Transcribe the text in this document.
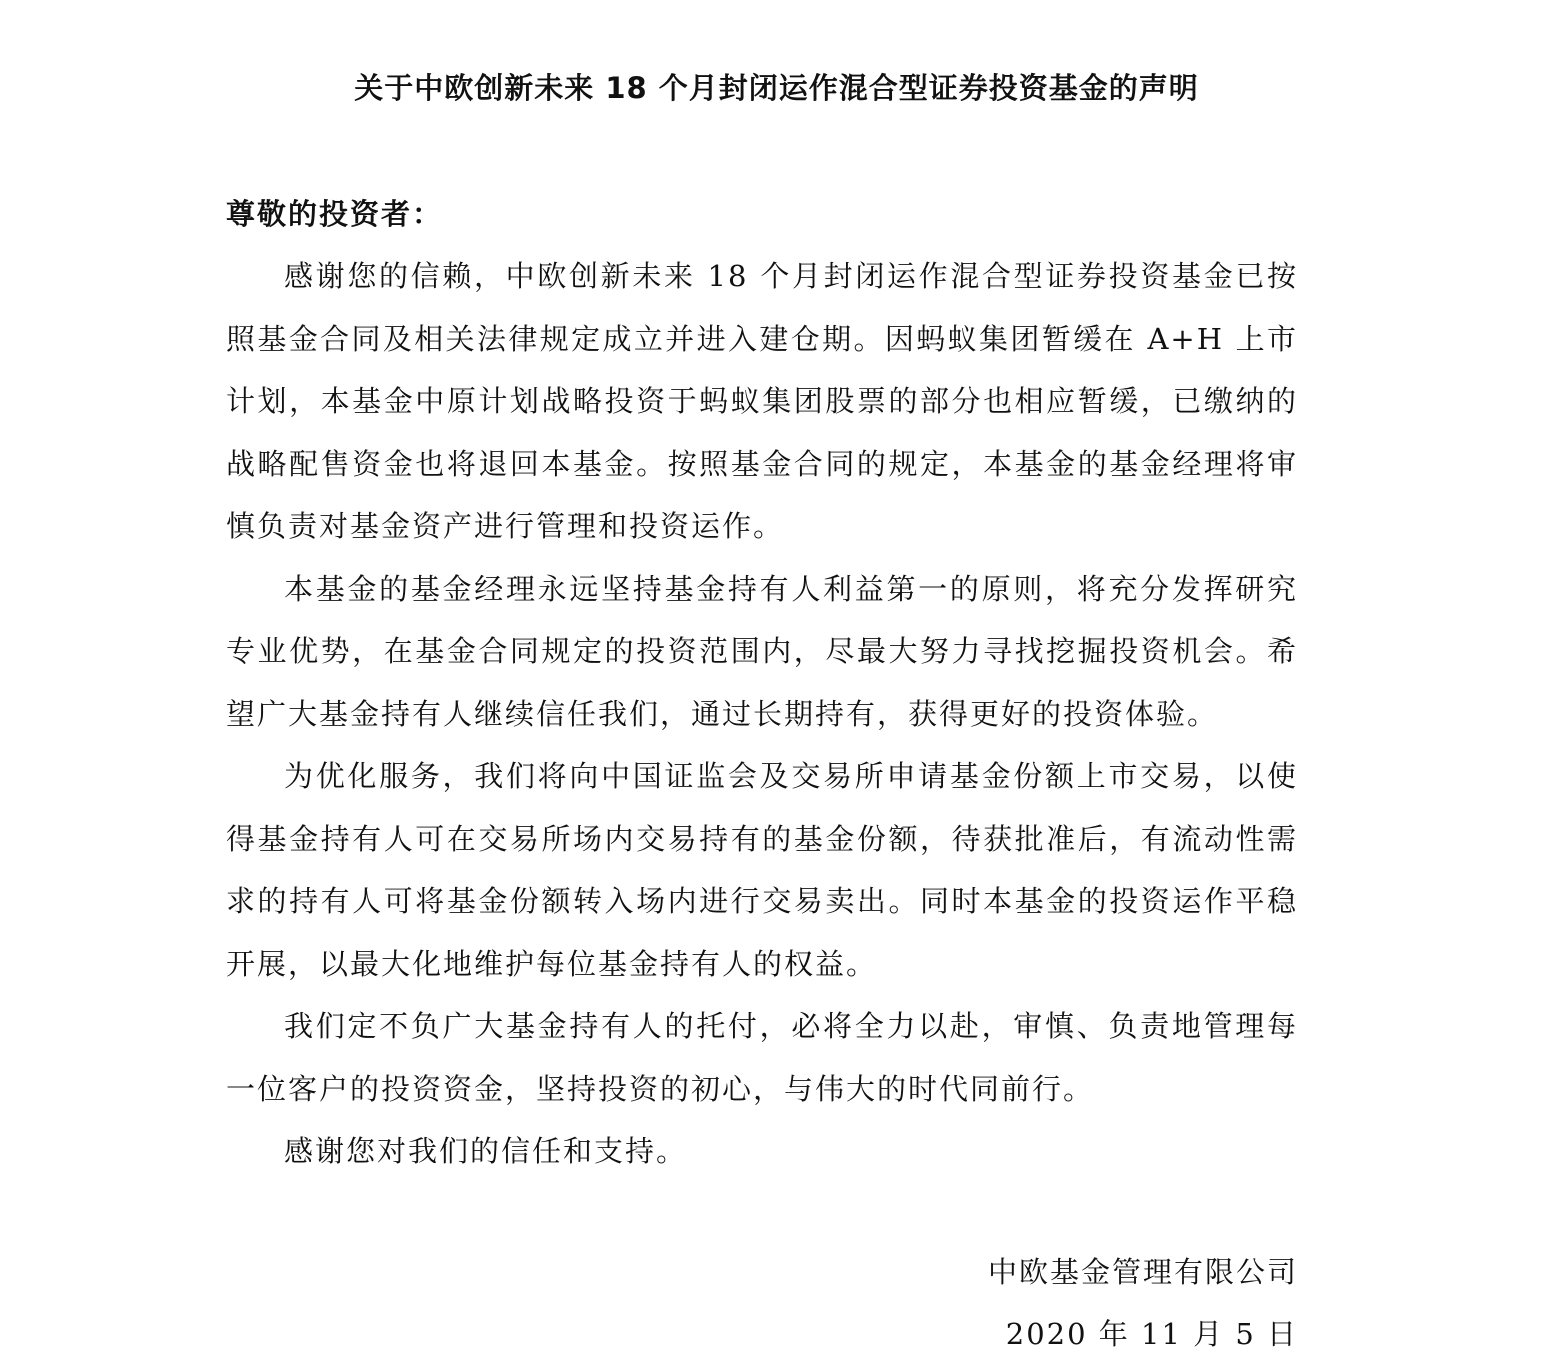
关于中欧创新未来 18 个月封闭运作混合型证券投资基金的声明

尊敬的投资者：

感谢您的信赖，中欧创新未来 18 个月封闭运作混合型证券投资基金已按照基金合同及相关法律规定成立并进入建仓期。因蚂蚁集团暂缓在 A+H 上市计划，本基金中原计划战略投资于蚂蚁集团股票的部分也相应暂缓，已缴纳的战略配售资金也将退回本基金。按照基金合同的规定，本基金的基金经理将审慎负责对基金资产进行管理和投资运作。

本基金的基金经理永远坚持基金持有人利益第一的原则，将充分发挥研究专业优势，在基金合同规定的投资范围内，尽最大努力寻找挖掘投资机会。希望广大基金持有人继续信任我们，通过长期持有，获得更好的投资体验。

为优化服务，我们将向中国证监会及交易所申请基金份额上市交易，以使得基金持有人可在交易所场内交易持有的基金份额，待获批准后，有流动性需求的持有人可将基金份额转入场内进行交易卖出。同时本基金的投资运作平稳开展，以最大化地维护每位基金持有人的权益。

我们定不负广大基金持有人的托付，必将全力以赴，审慎、负责地管理每一位客户的投资资金，坚持投资的初心，与伟大的时代同前行。

感谢您对我们的信任和支持。

中欧基金管理有限公司
2020 年 11 月 5 日
